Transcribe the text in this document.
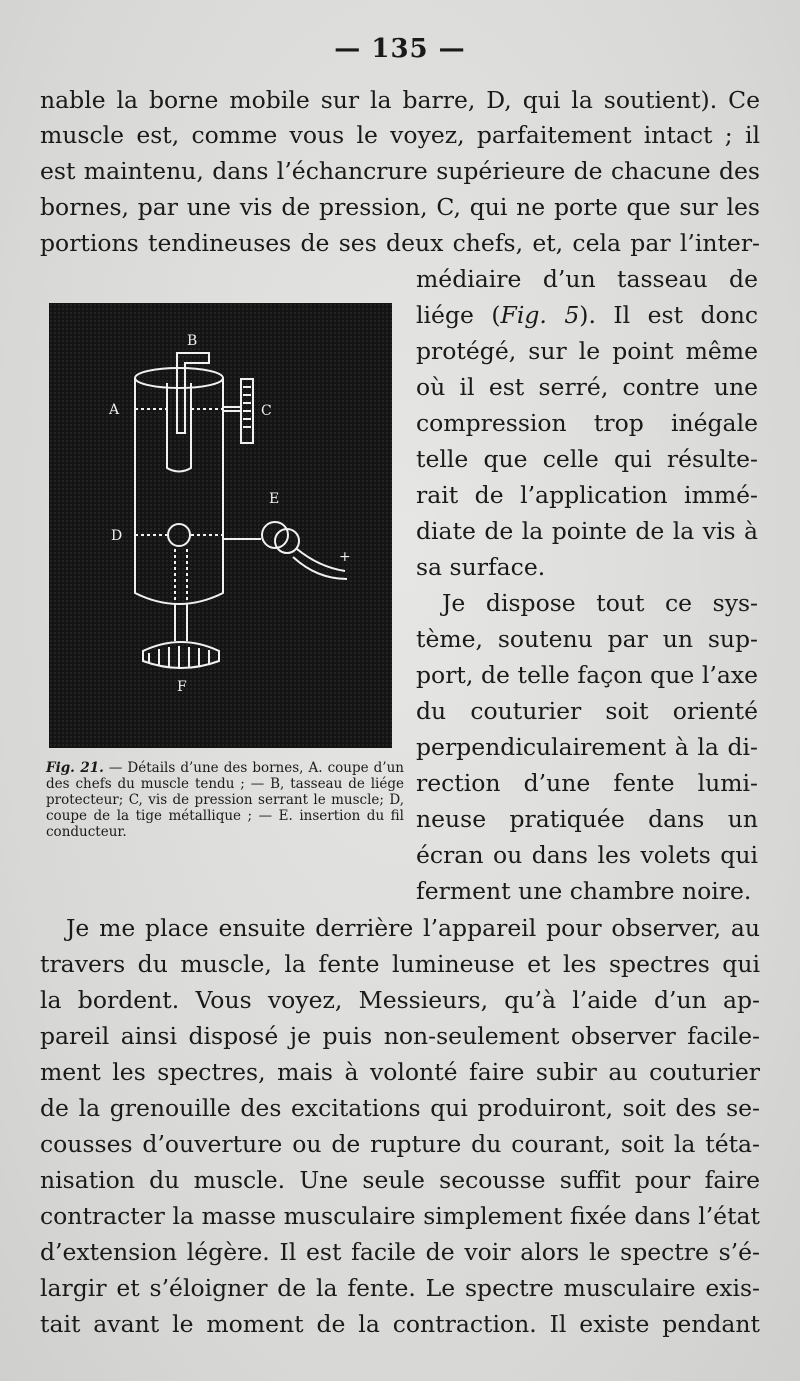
— 135 —
nable la borne mobile sur la barre, D, qui la soutient). Ce
muscle est, comme vous le voyez, parfaitement intact ; il
est maintenu, dans l’échancrure supérieure de chacune des
bornes, par une vis de pression, C, qui ne porte que sur les
portions tendineuses de ses deux chefs, et, cela par l’inter-
B
A	C
D
E
F
+
médiaire d’un tasseau de
liége (Fig. 5). Il est donc
protégé, sur le point même
où il est serré, contre une
compression trop inégale
telle que celle qui résulte-
rait de l’application immé-
diate de la pointe de la vis à
sa surface.
Je dispose tout ce sys-
tème, soutenu par un sup-
port, de telle façon que l’axe
du couturier soit orienté
perpendiculairement à la di-
rection d’une fente lumi-
neuse pratiquée dans un
écran ou dans les volets qui
ferment une chambre noire.
Fig. 21. — Détails d’une des bornes, A. coupe d’un des chefs du muscle tendu ; — B, tasseau de liége protecteur; C, vis de pression serrant le muscle; D, coupe de la tige métallique ; — E. insertion du fil conducteur.
Je me place ensuite derrière l’appareil pour observer, au
travers du muscle, la fente lumineuse et les spectres qui
la bordent. Vous voyez, Messieurs, qu’à l’aide d’un ap-
pareil ainsi disposé je puis non-seulement observer facile-
ment les spectres, mais à volonté faire subir au couturier
de la grenouille des excitations qui produiront, soit des se-
cousses d’ouverture ou de rupture du courant, soit la téta-
nisation du muscle. Une seule secousse suffit pour faire
contracter la masse musculaire simplement fixée dans l’état
d’extension légère. Il est facile de voir alors le spectre s’é-
largir et s’éloigner de la fente. Le spectre musculaire exis-
tait avant le moment de la contraction. Il existe pendant
